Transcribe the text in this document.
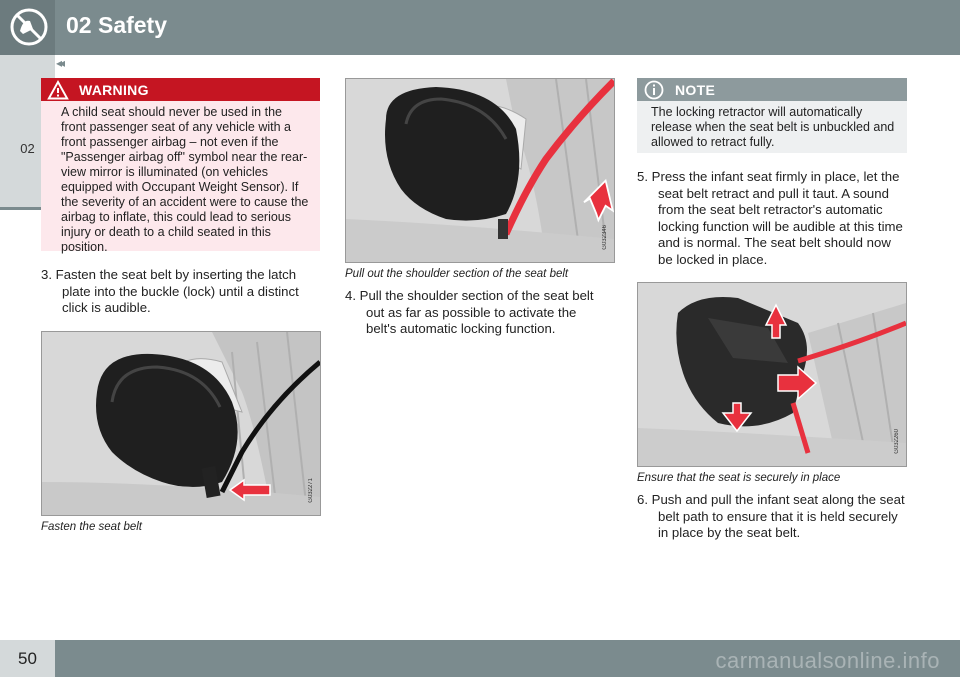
02 Safety
◂◂
02
WARNING
A child seat should never be used in the front passenger seat of any vehicle with a front passenger airbag – not even if the "Passenger airbag off" symbol near the rear-view mirror is illuminated (on vehicles equipped with Occupant Weight Sensor). If the severity of an accident were to cause the airbag to inflate, this could lead to serious injury or death to a child seated in this position.
3. Fasten the seat belt by inserting the latch plate into the buckle (lock) until a distinct click is audible.
G032271
Fasten the seat belt
G032346
Pull out the shoulder section of the seat belt
4. Pull the shoulder section of the seat belt out as far as possible to activate the belt's automatic locking function.
NOTE
The locking retractor will automatically release when the seat belt is unbuckled and allowed to retract fully.
5. Press the infant seat firmly in place, let the seat belt retract and pull it taut. A sound from the seat belt retractor's automatic locking function will be audible at this time and is normal. The seat belt should now be locked in place.
G032260
Ensure that the seat is securely in place
6. Push and pull the infant seat along the seat belt path to ensure that it is held securely in place by the seat belt.
50	carmanualsonline.info
